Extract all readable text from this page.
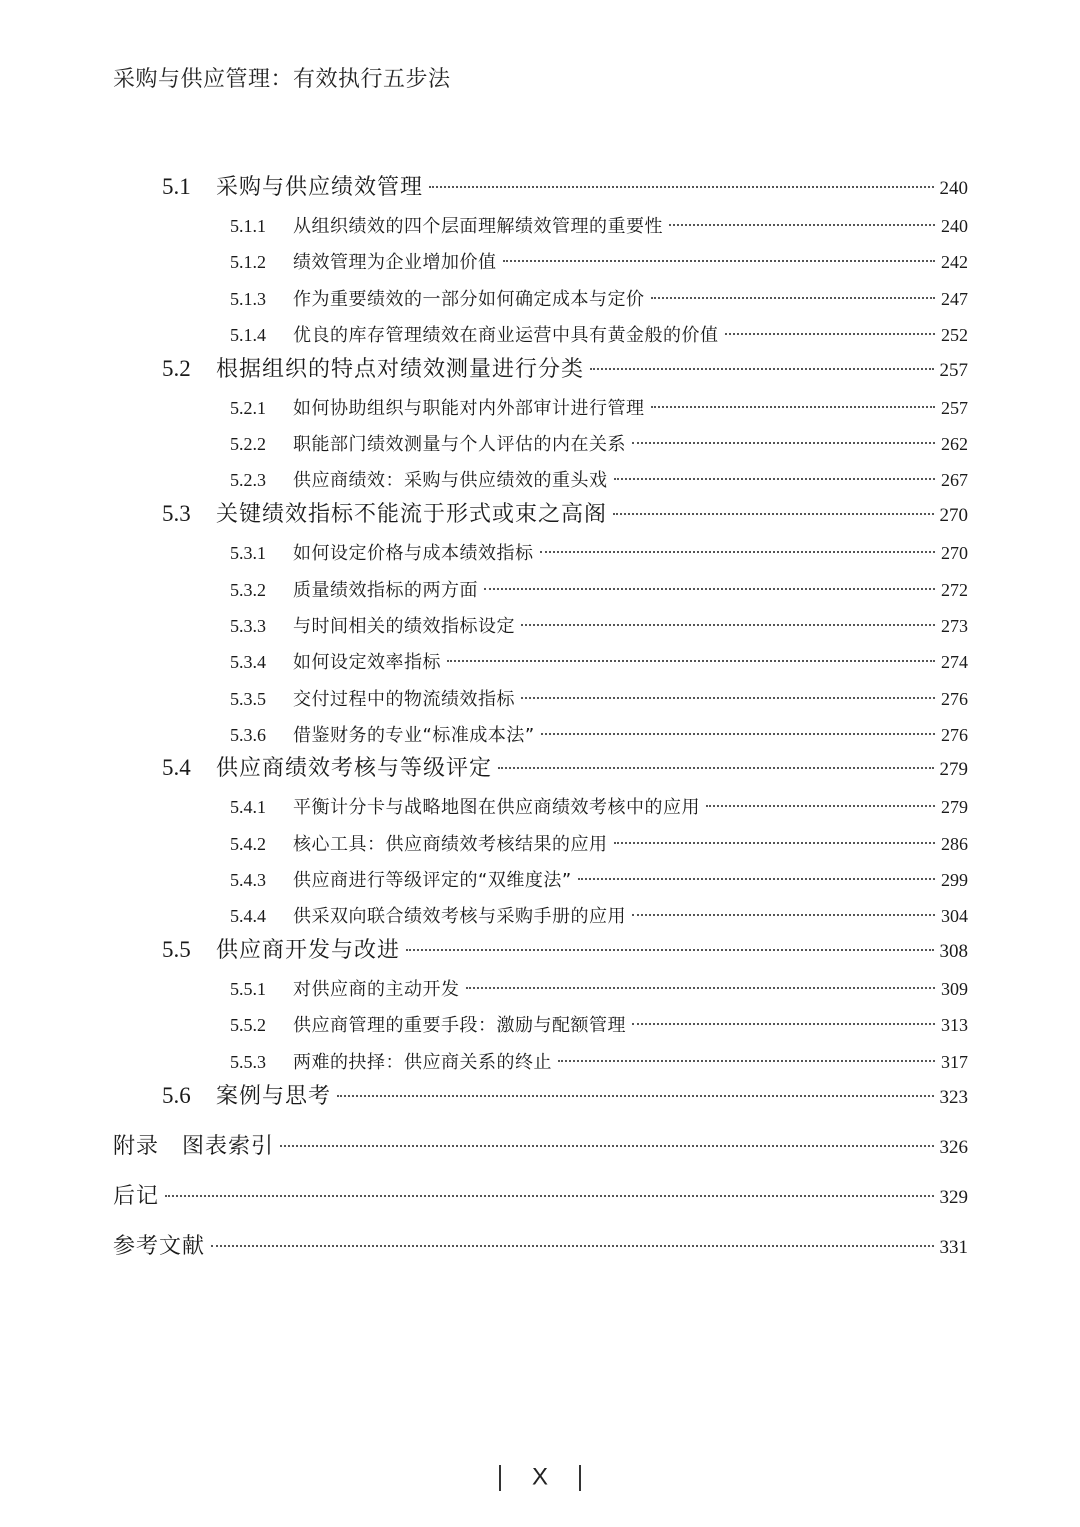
采购与供应管理：有效执行五步法
5.1	采购与供应绩效管理	240
5.1.1	从组织绩效的四个层面理解绩效管理的重要性	240
5.1.2	绩效管理为企业增加价值	242
5.1.3	作为重要绩效的一部分如何确定成本与定价	247
5.1.4	优良的库存管理绩效在商业运营中具有黄金般的价值	252
5.2	根据组织的特点对绩效测量进行分类	257
5.2.1	如何协助组织与职能对内外部审计进行管理	257
5.2.2	职能部门绩效测量与个人评估的内在关系	262
5.2.3	供应商绩效：采购与供应绩效的重头戏	267
5.3	关键绩效指标不能流于形式或束之高阁	270
5.3.1	如何设定价格与成本绩效指标	270
5.3.2	质量绩效指标的两方面	272
5.3.3	与时间相关的绩效指标设定	273
5.3.4	如何设定效率指标	274
5.3.5	交付过程中的物流绩效指标	276
5.3.6	借鉴财务的专业“标准成本法”	276
5.4	供应商绩效考核与等级评定	279
5.4.1	平衡计分卡与战略地图在供应商绩效考核中的应用	279
5.4.2	核心工具：供应商绩效考核结果的应用	286
5.4.3	供应商进行等级评定的“双维度法”	299
5.4.4	供采双向联合绩效考核与采购手册的应用	304
5.5	供应商开发与改进	308
5.5.1	对供应商的主动开发	309
5.5.2	供应商管理的重要手段：激励与配额管理	313
5.5.3	两难的抉择：供应商关系的终止	317
5.6	案例与思考	323
附录　图表索引	326
后记	329
参考文献	331
X
